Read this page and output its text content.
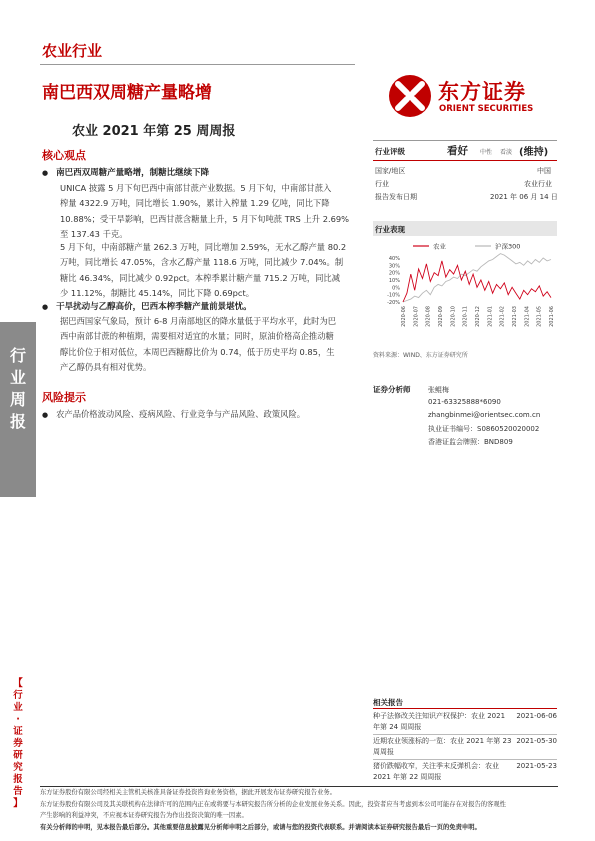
农业行业
南巴西双周糖产量略增
农业 2021 年第 25 周周报
东方证券
ORIENT SECURITIES
行
业
周
报
【
行
业
·
证
券
研
究
报
告
】
核心观点
● 南巴西双周糖产量略增，制糖比继续下降
UNICA 披露 5 月下旬巴西中南部甘蔗产业数据。5 月下旬，中南部甘蔗入
榨量 4322.9 万吨，同比增长 1.90%，累计入榨量 1.29 亿吨，同比下降
10.88%；受干旱影响，巴西甘蔗含糖量上升，5 月下旬吨蔗 TRS 上升 2.69%
至 137.43 千克。
5 月下旬，中南部糖产量 262.3 万吨，同比增加 2.59%，无水乙醇产量 80.2
万吨，同比增长 47.05%，含水乙醇产量 118.6 万吨，同比减少 7.04%。制
糖比 46.34%，同比减少 0.92pct。本榨季累计糖产量 715.2 万吨，同比减
少 11.12%，制糖比 45.14%，同比下降 0.69pct。
● 干旱扰动与乙醇高价，巴西本榨季糖产量前景堪忧。
据巴西国家气象局，预计 6-8 月南部地区的降水量低于平均水平，此时为巴
西中南部甘蔗的种植期，需要相对适宜的水量；同时，原油价格高企推动糖
醇比价位于相对低位，本周巴西糖醇比价为 0.74，低于历史平均 0.85，生
产乙醇仍具有相对优势。
风险提示
● 农产品价格波动风险、疫病风险、行业竞争与产品风险、政策风险。
行业评级	看好 中性 看淡 (维持)
国家/地区	中国
行业	农业行业
报告发布日期	2021 年 06 月 14 日
行业表现
农业	沪深300
40%
30%
20%
10%
0%
-10%
-20%
2020-06 2020-07 2020-08 2020-09 2020-10 2020-11 2020-12 2021-01 2021-02 2021-03 2021-04 2021-05 2021-06
资料来源：WIND、东方证券研究所
证券分析师	张鲲梅
021-63325888*6090
zhangbinmei@orientsec.com.cn
执业证书编号：S0860520020002
香港证监会牌照：BND809
相关报告
种子法修改关注知识产权保护：农业 2021
年第 24 周周报
2021-06-06
近期农业领涨标的一览：农业 2021 年第 23
周周报
2021-05-30
猪价跌幅收窄，关注季末反弹机会：农业
2021 年第 22 周周报
2021-05-23
东方证券股份有限公司经相关主管机关核准具备证券投资咨询业务资格，据此开展发布证券研究报告业务。
东方证券股份有限公司及其关联机构在法律许可的范围内正在或将要与本研究报告所分析的企业发展业务关系。因此，投资者应当考虑到本公司可能存在对报告的客观性
产生影响的利益冲突，不应视本证券研究报告为作出投资决策的唯一因素。
有关分析师的申明，见本报告最后部分。其他重要信息披露见分析师申明之后部分，或请与您的投资代表联系。并请阅读本证券研究报告最后一页的免责申明。
